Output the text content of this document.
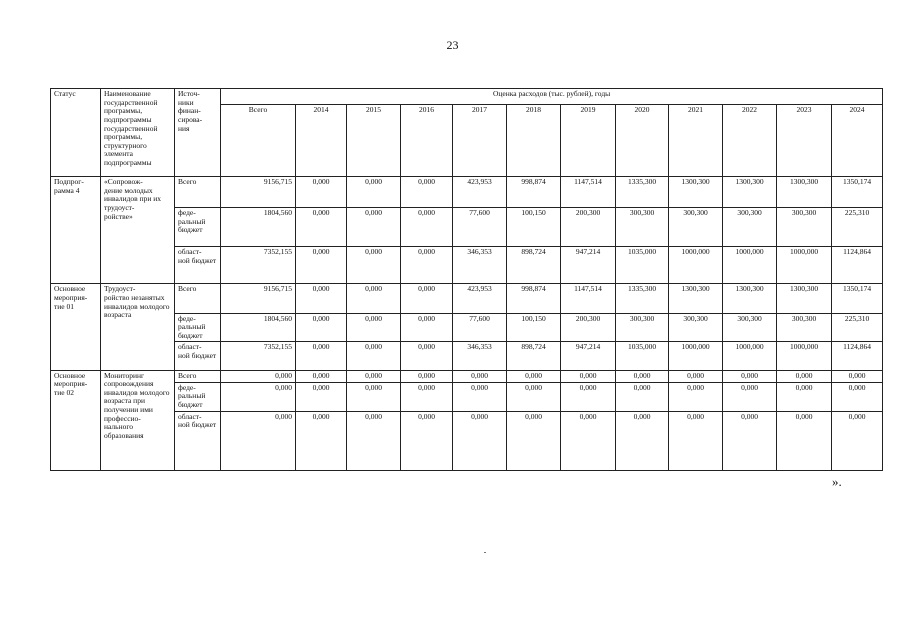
23
Статус	Наименование государственной программы, подпрограммы государственной программы, структурного элемента подпрограммы	Источ-
ники финан-
сирова-
ния	Оценка расходов (тыс. рублей), годы											
			Всего	2014	2015	2016	2017	2018	2019	2020	2021	2022	2023	2024
Подпрог-
рамма 4	«Сопровож-
дение молодых инвалидов при их трудоуст-
ройстве»	Всего	9156,715	0,000	0,000	0,000	423,953	998,874	1147,514	1335,300	1300,300	1300,300	1300,300	1350,174
		феде-
ральный бюджет	1804,560	0,000	0,000	0,000	77,600	100,150	200,300	300,300	300,300	300,300	300,300	225,310
		област-
ной бюджет	7352,155	0,000	0,000	0,000	346,353	898,724	947,214	1035,000	1000,000	1000,000	1000,000	1124,864
Основное мероприя-
тие 01	Трудоуст-
ройство незанятых инвалидов молодого возраста	Всего	9156,715	0,000	0,000	0,000	423,953	998,874	1147,514	1335,300	1300,300	1300,300	1300,300	1350,174
		феде-
ральный бюджет	1804,560	0,000	0,000	0,000	77,600	100,150	200,300	300,300	300,300	300,300	300,300	225,310
		област-
ной бюджет	7352,155	0,000	0,000	0,000	346,353	898,724	947,214	1035,000	1000,000	1000,000	1000,000	1124,864
Основное мероприя-
тие 02	Мониторинг сопровождения инвалидов молодого возраста при получении ими профессио-
нального образования	Всего	0,000	0,000	0,000	0,000	0,000	0,000	0,000	0,000	0,000	0,000	0,000	0,000
		феде-
ральный бюджет	0,000	0,000	0,000	0,000	0,000	0,000	0,000	0,000	0,000	0,000	0,000	0,000
		област-
ной бюджет	0,000	0,000	0,000	0,000	0,000	0,000	0,000	0,000	0,000	0,000	0,000	0,000
».
